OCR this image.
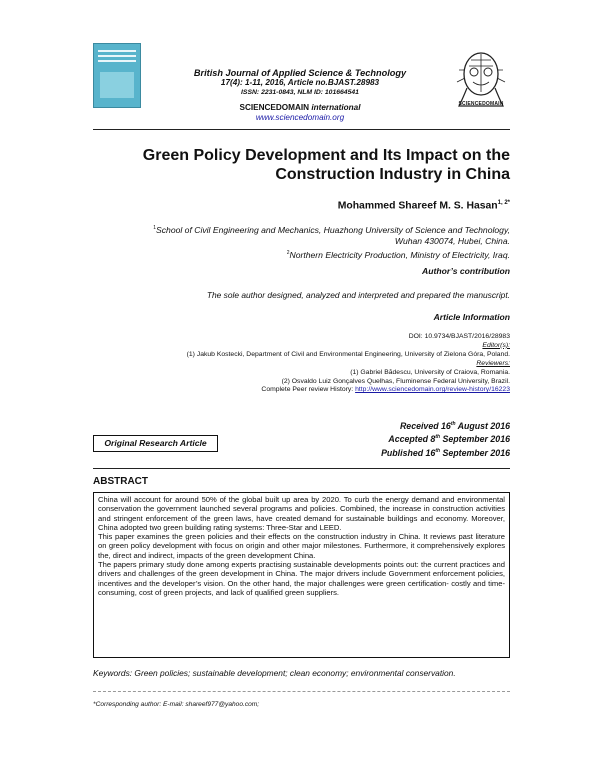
British Journal of Applied Science & Technology
17(4): 1-11, 2016, Article no.BJAST.28983
ISSN: 2231-0843, NLM ID: 101664541
SCIENCEDOMAIN international
www.sciencedomain.org
SCIENCEDOMAIN
Green Policy Development and Its Impact on the
Construction Industry in China
Mohammed Shareef M. S. Hasan$^{1, 2*}$
$^1$School of Civil Engineering and Mechanics, Huazhong University of Science and Technology,
Wuhan 430074, Hubei, China.
$^2$Northern Electricity Production, Ministry of Electricity, Iraq.
Author’s contribution
The sole author designed, analyzed and interpreted and prepared the manuscript.
Article Information
DOI: 10.9734/BJAST/2016/28983
Editor(s):
(1) Jakub Kostecki, Department of Civil and Environmental Engineering, University of Zielona Góra, Poland.
Reviewers:
(1) Gabriel Bădescu, University of Craiova, Romania.
(2) Osvaldo Luiz Gonçalves Quelhas, Fluminense Federal University, Brazil.
Complete Peer review History: http://www.sciencedomain.org/review-history/16223
Received 16th August 2016
Accepted 8th September 2016
Published 16th September 2016
Original Research Article
ABSTRACT

China will account for around 50% of the global built up area by 2020. To curb the energy demand and environmental conservation the government launched several programs and policies. Combined, the increase in construction activities and stringent enforcement of the green laws, have created demand for sustainable buildings and economy. Moreover, China adopted two green building rating systems: Three-Star and LEED.

This paper examines the green policies and their effects on the construction industry in China. It reviews past literature on green policy development with focus on origin and other major milestones. Furthermore, it comprehensively explores the, direct and indirect, impacts of the green development China.

The papers primary study done among experts practising sustainable developments points out: the current practices and drivers and challenges of the green development in China. The major drivers include Government enforcement policies, incentives and the developer’s vision. On the other hand, the major challenges were green certification- costly and time-consuming, cost of green projects, and lack of qualified green suppliers.

Keywords: Green policies; sustainable development; clean economy; environmental conservation.
*Corresponding author: E-mail: shareef977@yahoo.com;
